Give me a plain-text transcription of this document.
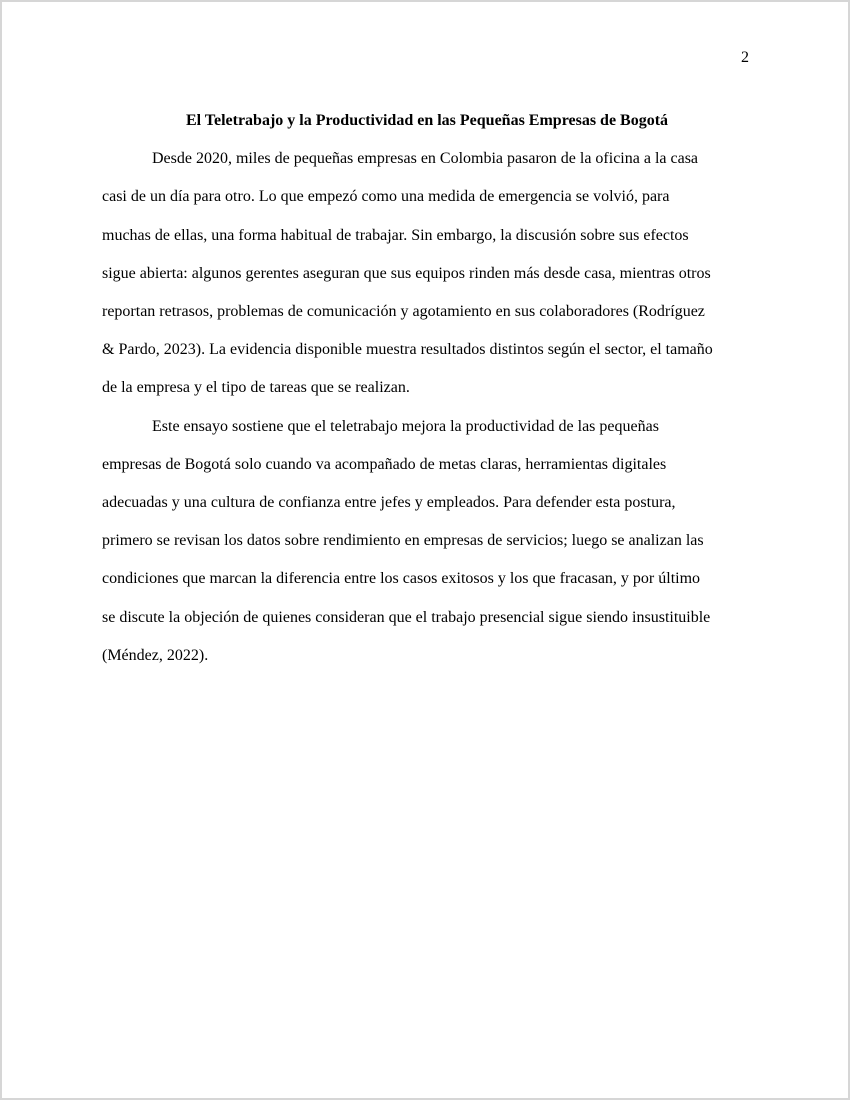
2
El Teletrabajo y la Productividad en las Pequeñas Empresas de Bogotá

Desde 2020, miles de pequeñas empresas en Colombia pasaron de la oficina a la casa
casi de un día para otro. Lo que empezó como una medida de emergencia se volvió, para
muchas de ellas, una forma habitual de trabajar. Sin embargo, la discusión sobre sus efectos
sigue abierta: algunos gerentes aseguran que sus equipos rinden más desde casa, mientras otros
reportan retrasos, problemas de comunicación y agotamiento en sus colaboradores (Rodríguez
& Pardo, 2023). La evidencia disponible muestra resultados distintos según el sector, el tamaño
de la empresa y el tipo de tareas que se realizan.

Este ensayo sostiene que el teletrabajo mejora la productividad de las pequeñas
empresas de Bogotá solo cuando va acompañado de metas claras, herramientas digitales
adecuadas y una cultura de confianza entre jefes y empleados. Para defender esta postura,
primero se revisan los datos sobre rendimiento en empresas de servicios; luego se analizan las
condiciones que marcan la diferencia entre los casos exitosos y los que fracasan, y por último
se discute la objeción de quienes consideran que el trabajo presencial sigue siendo insustituible
(Méndez, 2022).
